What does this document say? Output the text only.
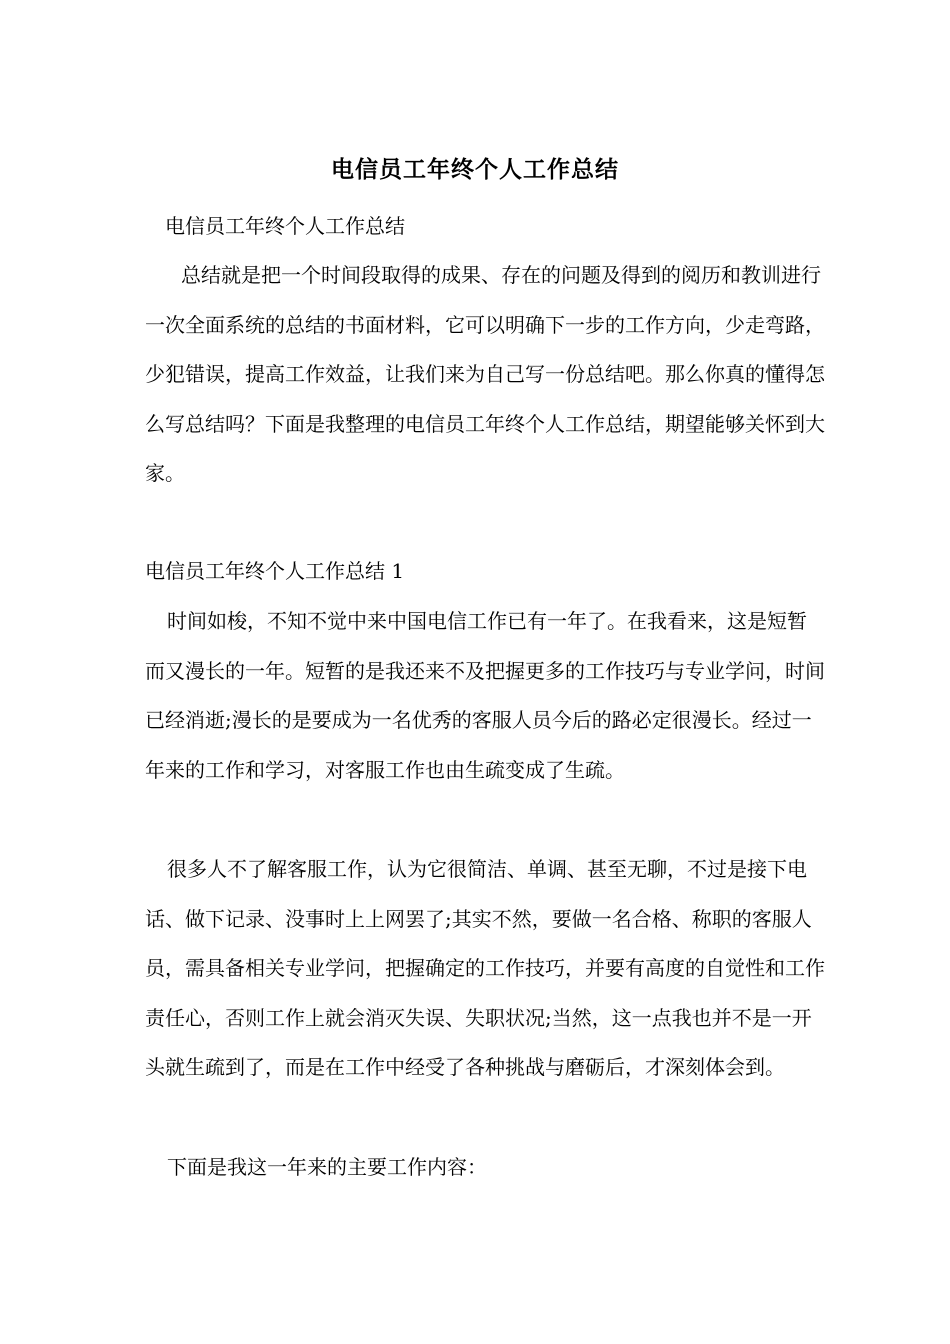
电信员工年终个人工作总结
电信员工年终个人工作总结

总结就是把一个时间段取得的成果、存在的问题及得到的阅历和教训进行一次全面系统的总结的书面材料，它可以明确下一步的工作方向，少走弯路，少犯错误，提高工作效益，让我们来为自己写一份总结吧。那么你真的懂得怎么写总结吗？下面是我整理的电信员工年终个人工作总结，期望能够关怀到大家。

电信员工年终个人工作总结 1

时间如梭，不知不觉中来中国电信工作已有一年了。在我看来，这是短暂而又漫长的一年。短暂的是我还来不及把握更多的工作技巧与专业学问，时间已经消逝;漫长的是要成为一名优秀的客服人员今后的路必定很漫长。经过一年来的工作和学习，对客服工作也由生疏变成了生疏。

很多人不了解客服工作，认为它很简洁、单调、甚至无聊，不过是接下电话、做下记录、没事时上上网罢了;其实不然，要做一名合格、称职的客服人员，需具备相关专业学问，把握确定的工作技巧，并要有高度的自觉性和工作责任心，否则工作上就会消灭失误、失职状况;当然，这一点我也并不是一开头就生疏到了，而是在工作中经受了各种挑战与磨砺后，才深刻体会到。

下面是我这一年来的主要工作内容：
